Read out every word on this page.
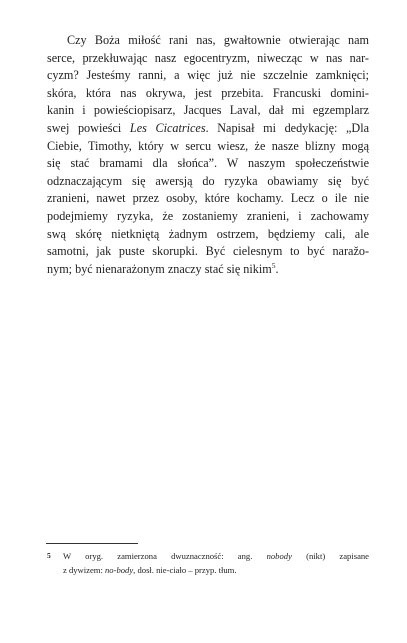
Czy Boża miłość rani nas, gwałtownie otwierając nam
serce, przekłuwając nasz egocentryzm, niwecząc w nas nar-
cyzm? Jesteśmy ranni, a więc już nie szczelnie zamknięci;
skóra, która nas okrywa, jest przebita. Francuski domini-
kanin i powieściopisarz, Jacques Laval, dał mi egzemplarz
swej powieści Les Cicatrices. Napisał mi dedykację: „Dla
Ciebie, Timothy, który w sercu wiesz, że nasze blizny mogą
się stać bramami dla słońca”. W naszym społeczeństwie
odznaczającym się awersją do ryzyka obawiamy się być
zranieni, nawet przez osoby, które kochamy. Lecz o ile nie
podejmiemy ryzyka, że zostaniemy zranieni, i zachowamy
swą skórę nietkniętą żadnym ostrzem, będziemy cali, ale
samotni, jak puste skorupki. Być cielesnym to być naražo-
nym; być nienarażonym znaczy stać się nikim$^5$.
5 W oryg. zamierzona dwuznaczność: ang. nobody (nikt) zapisane
z dywizem: no-body, dosł. nie-ciało – przyp. tłum.
